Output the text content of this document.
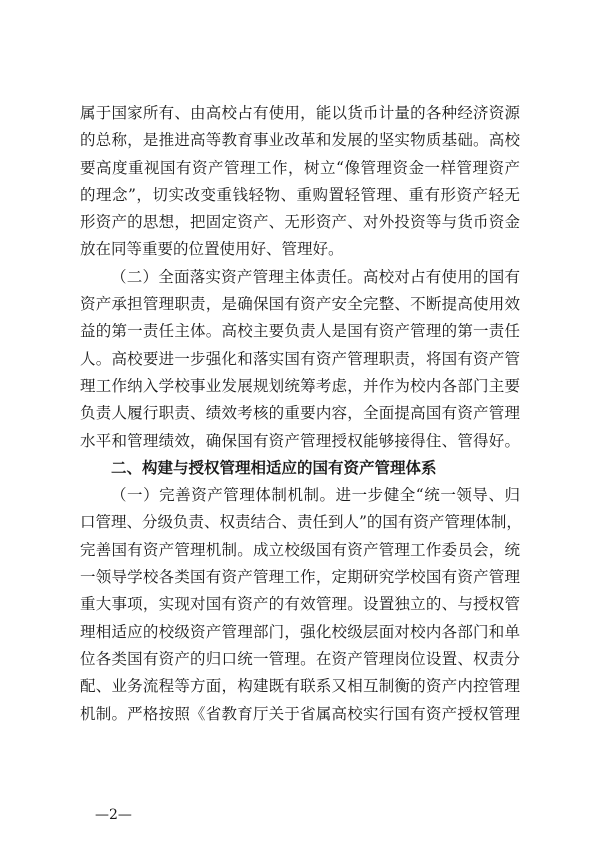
属于国家所有、由高校占有使用，能以货币计量的各种经济资源
的总称，是推进高等教育事业改革和发展的坚实物质基础。高校
要高度重视国有资产管理工作，树立“像管理资金一样管理资产
的理念”，切实改变重钱轻物、重购置轻管理、重有形资产轻无
形资产的思想，把固定资产、无形资产、对外投资等与货币资金
放在同等重要的位置使用好、管理好。
（二）全面落实资产管理主体责任。高校对占有使用的国有
资产承担管理职责，是确保国有资产安全完整、不断提高使用效
益的第一责任主体。高校主要负责人是国有资产管理的第一责任
人。高校要进一步强化和落实国有资产管理职责，将国有资产管
理工作纳入学校事业发展规划统筹考虑，并作为校内各部门主要
负责人履行职责、绩效考核的重要内容，全面提高国有资产管理
水平和管理绩效，确保国有资产管理授权能够接得住、管得好。
二、构建与授权管理相适应的国有资产管理体系
（一）完善资产管理体制机制。进一步健全“统一领导、归
口管理、分级负责、权责结合、责任到人”的国有资产管理体制，
完善国有资产管理机制。成立校级国有资产管理工作委员会，统
一领导学校各类国有资产管理工作，定期研究学校国有资产管理
重大事项，实现对国有资产的有效管理。设置独立的、与授权管
理相适应的校级资产管理部门，强化校级层面对校内各部门和单
位各类国有资产的归口统一管理。在资产管理岗位设置、权责分
配、业务流程等方面，构建既有联系又相互制衡的资产内控管理
机制。严格按照《省教育厅关于省属高校实行国有资产授权管理
—2—
